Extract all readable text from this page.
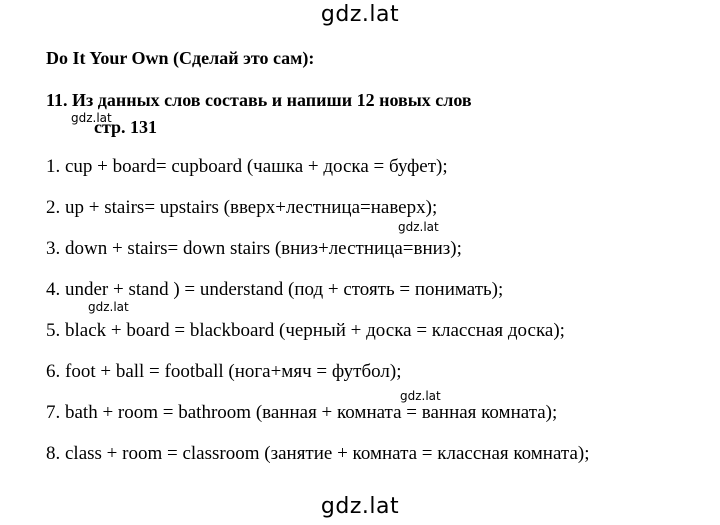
gdz.lat
Do It Your Own (Сделай это сам):
11. Из данных слов составь и напиши 12 новых слов
стр. 131
gdz.lat
1. cup + board= cupboard (чашка + доска = буфет);
2. up + stairs= upstairs (вверх+лестница=наверх);
gdz.lat
3. down + stairs= down stairs (вниз+лестница=вниз);
4. under + stand ) = understand (под + стоять = понимать);
gdz.lat
5. black + board = blackboard (черный + доска = классная доска);
6. foot + ball = football (нога+мяч = футбол);
gdz.lat
7. bath + room = bathroom (ванная + комната = ванная комната);
8. class + room = classroom (занятие + комната = классная комната);
gdz.lat
